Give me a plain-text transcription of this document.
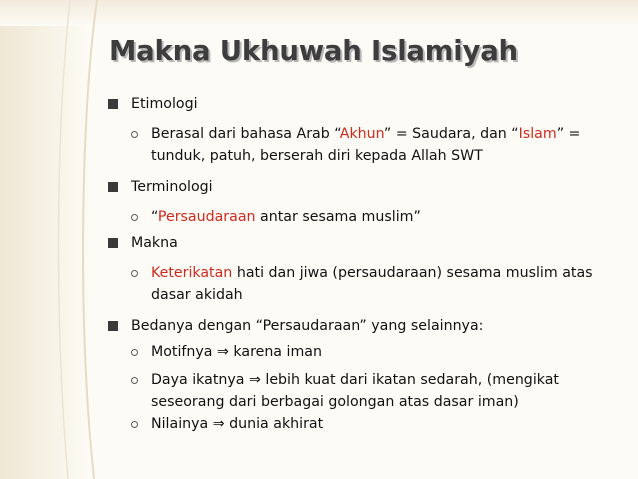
Makna Ukhuwah Islamiyah
Etimologi
Berasal dari bahasa Arab “Akhun” = Saudara, dan “Islam” =
tunduk, patuh, berserah diri kepada Allah SWT
Terminologi
“Persaudaraan antar sesama muslim”
Makna
Keterikatan hati dan jiwa (persaudaraan) sesama muslim atas
dasar akidah
Bedanya dengan “Persaudaraan” yang selainnya:
Motifnya ⇒ karena iman
Daya ikatnya ⇒ lebih kuat dari ikatan sedarah, (mengikat
seseorang dari berbagai golongan atas dasar iman)
Nilainya ⇒ dunia akhirat
